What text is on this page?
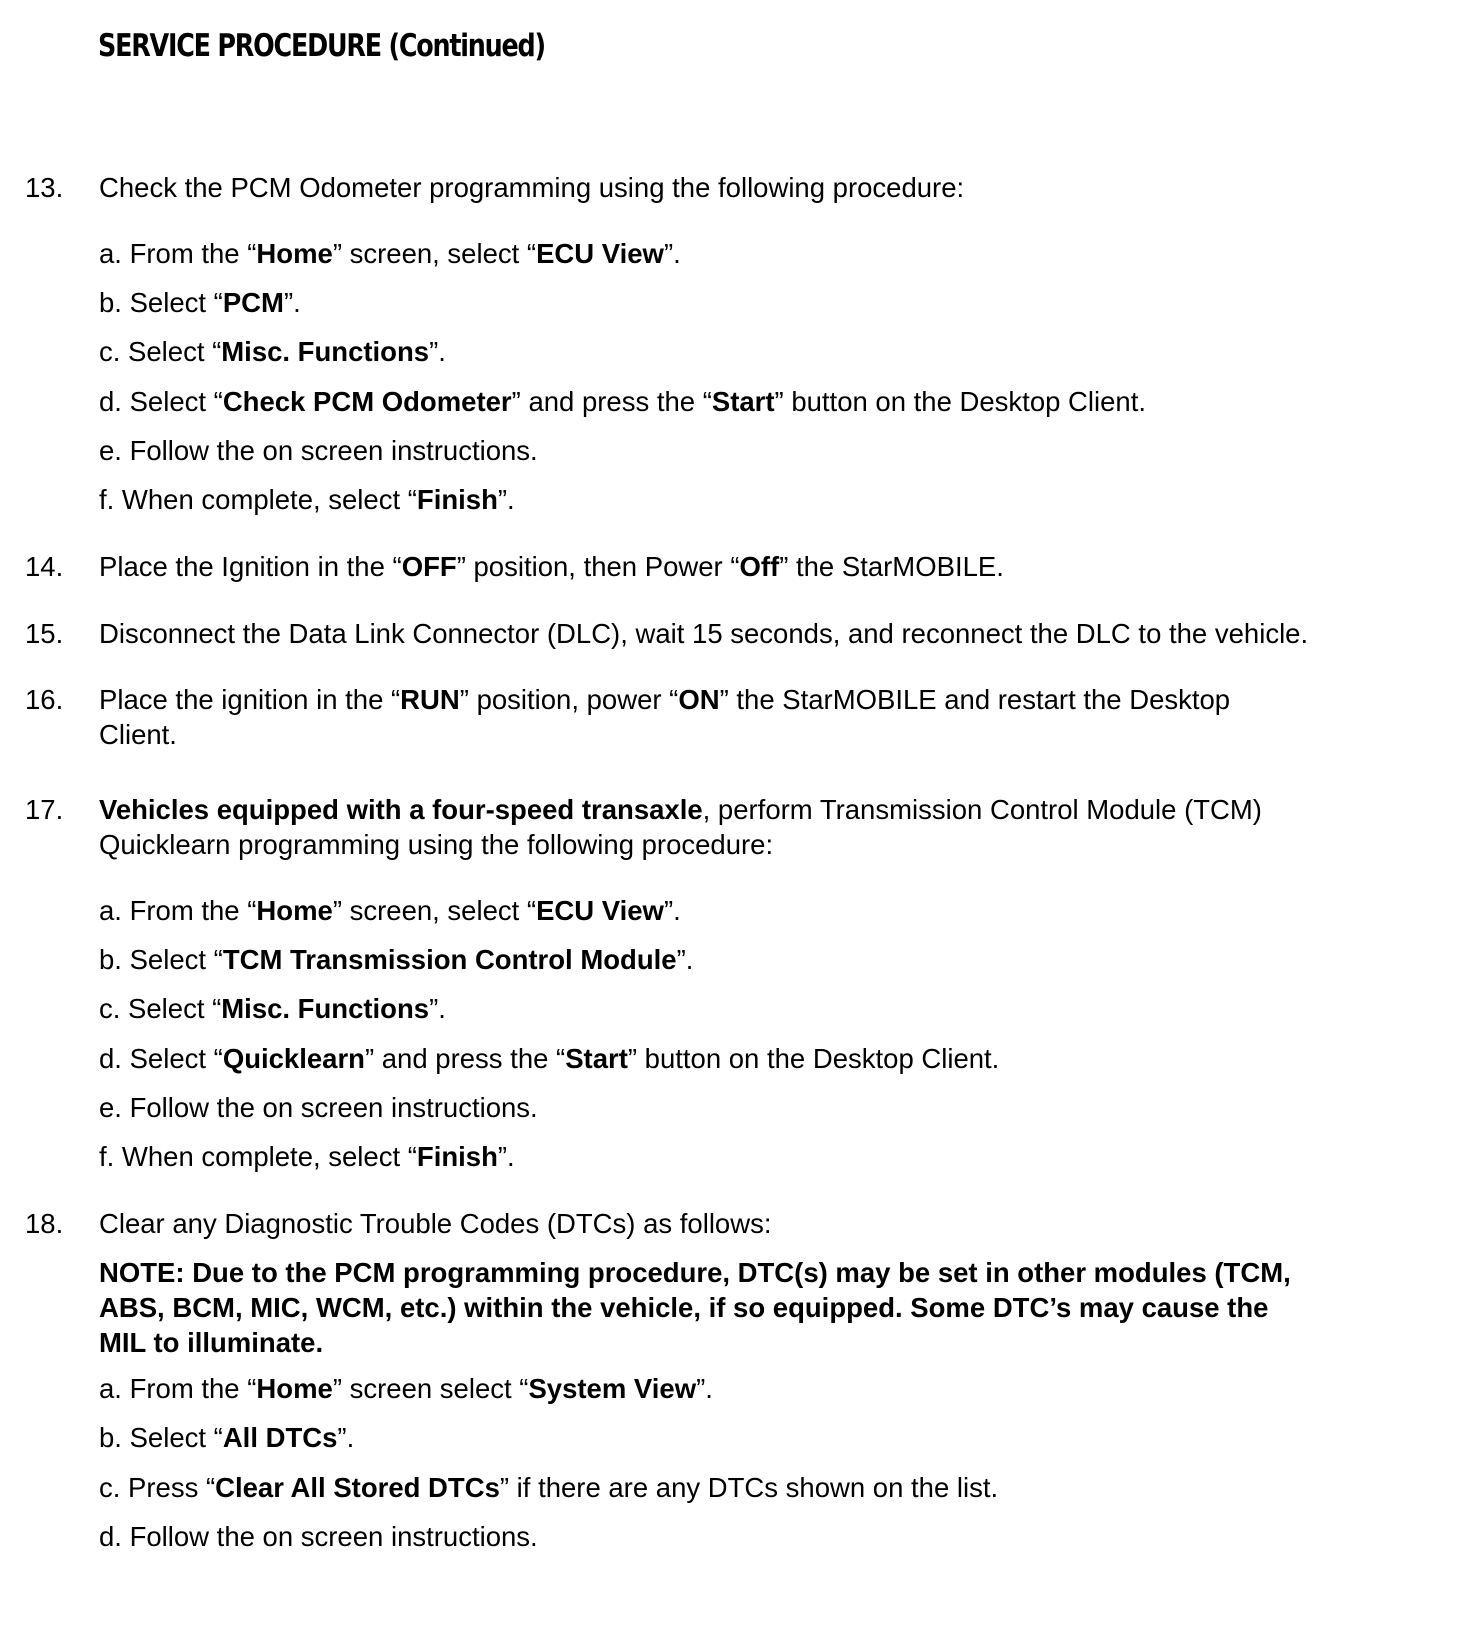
SERVICE PROCEDURE (Continued)
13. Check the PCM Odometer programming using the following procedure:
a. From the “Home” screen, select “ECU View”.
b. Select “PCM”.
c. Select “Misc. Functions”.
d. Select “Check PCM Odometer” and press the “Start” button on the Desktop Client.
e. Follow the on screen instructions.
f. When complete, select “Finish”.
14. Place the Ignition in the “OFF” position, then Power “Off” the StarMOBILE.
15. Disconnect the Data Link Connector (DLC), wait 15 seconds, and reconnect the DLC to the vehicle.
16. Place the ignition in the “RUN” position, power “ON” the StarMOBILE and restart the Desktop
Client.
17. Vehicles equipped with a four-speed transaxle, perform Transmission Control Module (TCM)
Quicklearn programming using the following procedure:
a. From the “Home” screen, select “ECU View”.
b. Select “TCM Transmission Control Module”.
c. Select “Misc. Functions”.
d. Select “Quicklearn” and press the “Start” button on the Desktop Client.
e. Follow the on screen instructions.
f. When complete, select “Finish”.
18. Clear any Diagnostic Trouble Codes (DTCs) as follows:
NOTE: Due to the PCM programming procedure, DTC(s) may be set in other modules (TCM,
ABS, BCM, MIC, WCM, etc.) within the vehicle, if so equipped. Some DTC’s may cause the
MIL to illuminate.
a. From the “Home” screen select “System View”.
b. Select “All DTCs”.
c. Press “Clear All Stored DTCs” if there are any DTCs shown on the list.
d. Follow the on screen instructions.
